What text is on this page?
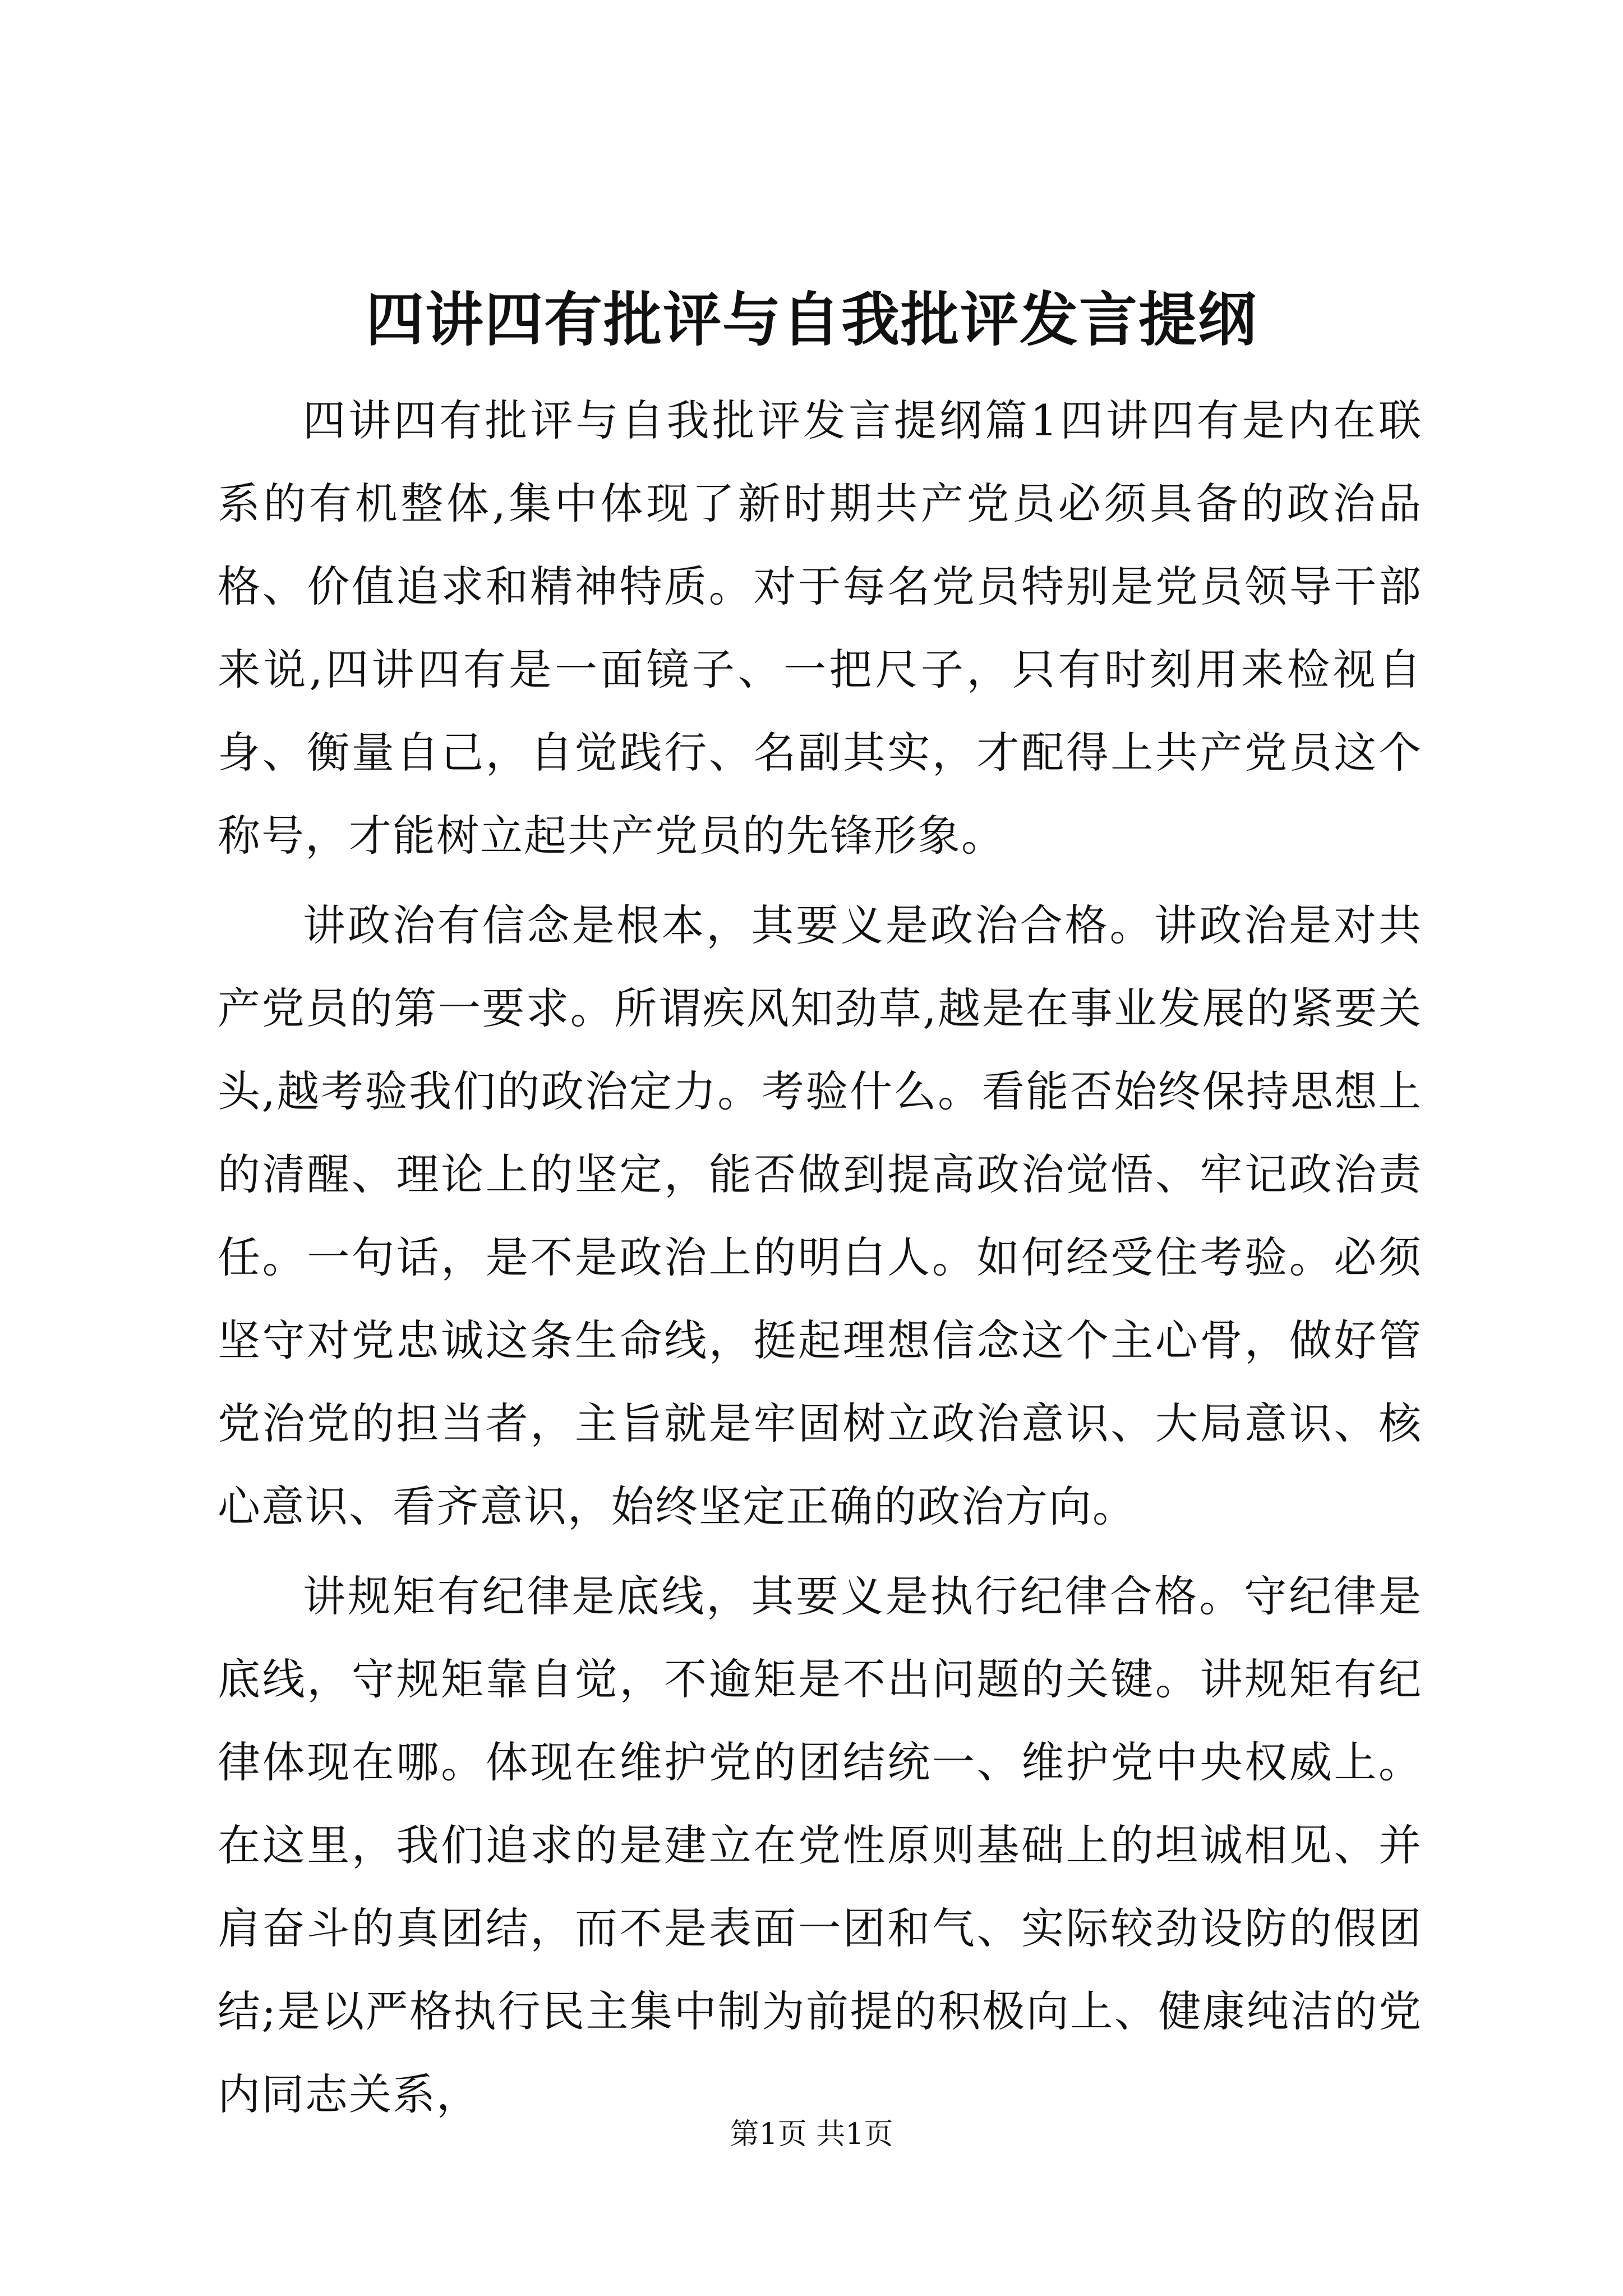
四讲四有批评与自我批评发言提纲

四讲四有批评与自我批评发言提纲篇1四讲四有是内在联系的有机整体,集中体现了新时期共产党员必须具备的政治品格、价值追求和精神特质。对于每名党员特别是党员领导干部来说,四讲四有是一面镜子、一把尺子，只有时刻用来检视自身、衡量自己，自觉践行、名副其实，才配得上共产党员这个称号，才能树立起共产党员的先锋形象。

讲政治有信念是根本，其要义是政治合格。讲政治是对共产党员的第一要求。所谓疾风知劲草,越是在事业发展的紧要关头,越考验我们的政治定力。考验什么。看能否始终保持思想上的清醒、理论上的坚定，能否做到提高政治觉悟、牢记政治责任。一句话，是不是政治上的明白人。如何经受住考验。必须坚守对党忠诚这条生命线，挺起理想信念这个主心骨，做好管党治党的担当者，主旨就是牢固树立政治意识、大局意识、核心意识、看齐意识，始终坚定正确的政治方向。

讲规矩有纪律是底线，其要义是执行纪律合格。守纪律是底线，守规矩靠自觉，不逾矩是不出问题的关键。讲规矩有纪律体现在哪。体现在维护党的团结统一、维护党中央权威上。在这里，我们追求的是建立在党性原则基础上的坦诚相见、并肩奋斗的真团结，而不是表面一团和气、实际较劲设防的假团结;是以严格执行民主集中制为前提的积极向上、健康纯洁的党内同志关系，

第1页 共1页
